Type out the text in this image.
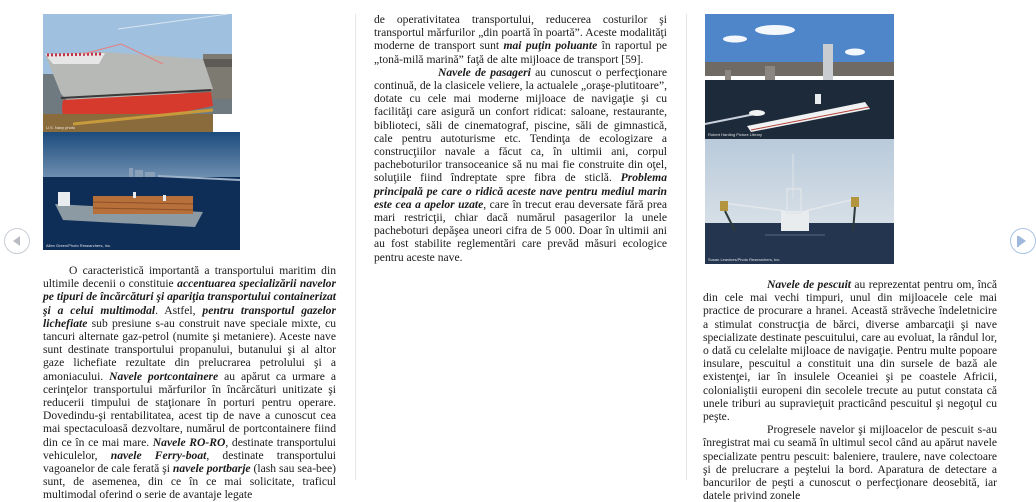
U.S. Navy photo
Allen Green/Photo Researchers, Inc.

O caracteristică importantă a transportului maritim din ultimile decenii o constituie accentuarea specializării navelor pe tipuri de încărcături şi apariţia transportului containerizat şi a celui multimodal. Astfel, pentru transportul gazelor lichefiate sub presiune s-au construit nave speciale mixte, cu tancuri alternate gaz-petrol (numite şi metaniere). Aceste nave sunt destinate transportului propanului, butanului şi al altor gaze lichefiate rezultate din prelucrarea petrolului şi a amoniacului. Navele portcontainere au apărut ca urmare a cerinţelor transportului mărfurilor în încărcături unitizate şi reducerii timpului de staţionare în porturi pentru operare. Dovedindu-şi rentabilitatea, acest tip de nave a cunoscut cea mai spectaculoasă dezvoltare, numărul de portcontainere fiind din ce în ce mai mare. Navele RO-RO, destinate transportului vehiculelor, navele Ferry-boat, destinate transportului vagoanelor de cale ferată şi navele portbarje (lash sau sea-bee) sunt, de asemenea, din ce în ce mai solicitate, traficul multimodal oferind o serie de avantaje legate

de operativitatea transportului, reducerea costurilor şi transportul mărfurilor „din poartă în poartă”. Aceste modalităţi moderne de transport sunt mai puţin poluante în raportul pe „tonă-milă marină” faţă de alte mijloace de transport [59].

Navele de pasageri au cunoscut o perfecţionare continuă, de la clasicele veliere, la actualele „oraşe-plutitoare”, dotate cu cele mai moderne mijloace de navigaţie şi cu facilităţi care asigură un confort ridicat: saloane, restaurante, biblioteci, săli de cinematograf, piscine, săli de gimnastică, cale pentru autoturisme etc. Tendinţa de ecologizare a construcţiilor navale a făcut ca, în ultimii ani, corpul pacheboturilor transoceanice să nu mai fie construite din oţel, soluţiile fiind îndreptate spre fibra de sticlă. Problema principală pe care o ridică aceste nave pentru mediul marin este cea a apelor uzate, care în trecut erau deversate fără prea mari restricţii, chiar dacă numărul pasagerilor la unele pacheboturi depăşea uneori cifra de 5 000. Doar în ultimii ani au fost stabilite reglementări care prevăd măsuri ecologice pentru aceste nave.

Robert Harding Picture Library
Susan Leavines/Photo Researchers, Inc.

Navele de pescuit au reprezentat pentru om, încă din cele mai vechi timpuri, unul din mijloacele cele mai practice de procurare a hranei. Această străveche îndeletnicire a stimulat construcţia de bărci, diverse ambarcaţii şi nave specializate destinate pescuitului, care au evoluat, la rândul lor, o dată cu celelalte mijloace de navigaţie. Pentru multe popoare insulare, pescuitul a constituit una din sursele de bază ale existenţei, iar în insulele Oceaniei şi pe coastele Africii, colonialiştii europeni din secolele trecute au putut constata că unele triburi au supravieţuit practicând pescuitul şi negoţul cu peşte.

Progresele navelor şi mijloacelor de pescuit s-au înregistrat mai cu seamă în ultimul secol când au apărut navele specializate pentru pescuit: baleniere, traulere, nave colectoare şi de prelucrare a peştelui la bord. Aparatura de detectare a bancurilor de peşti a cunoscut o perfecţionare deosebită, iar datele privind zonele
